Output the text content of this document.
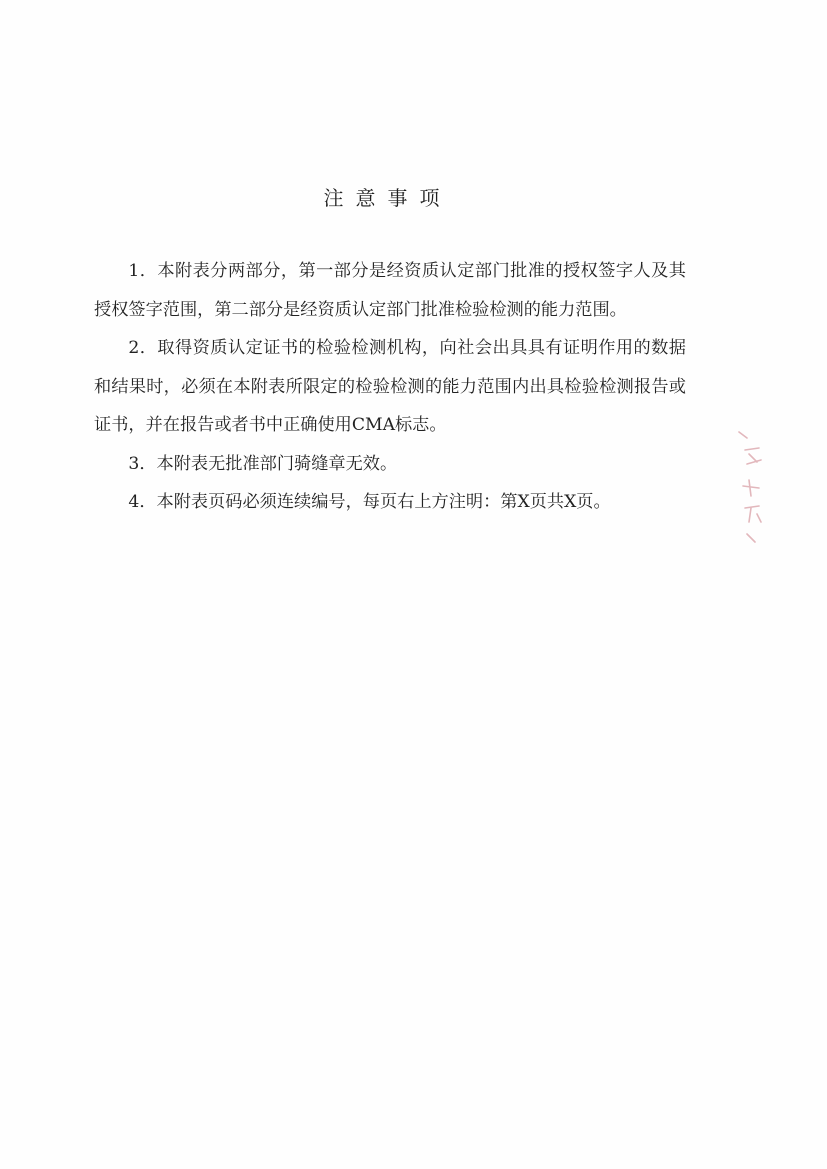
注意事项

1．本附表分两部分，第一部分是经资质认定部门批准的授权签字人及其授权签字范围，第二部分是经资质认定部门批准检验检测的能力范围。

2．取得资质认定证书的检验检测机构，向社会出具具有证明作用的数据和结果时，必须在本附表所限定的检验检测的能力范围内出具检验检测报告或证书，并在报告或者书中正确使用CMA标志。

3．本附表无批准部门骑缝章无效。

4．本附表页码必须连续编号，每页右上方注明：第X页共X页。
